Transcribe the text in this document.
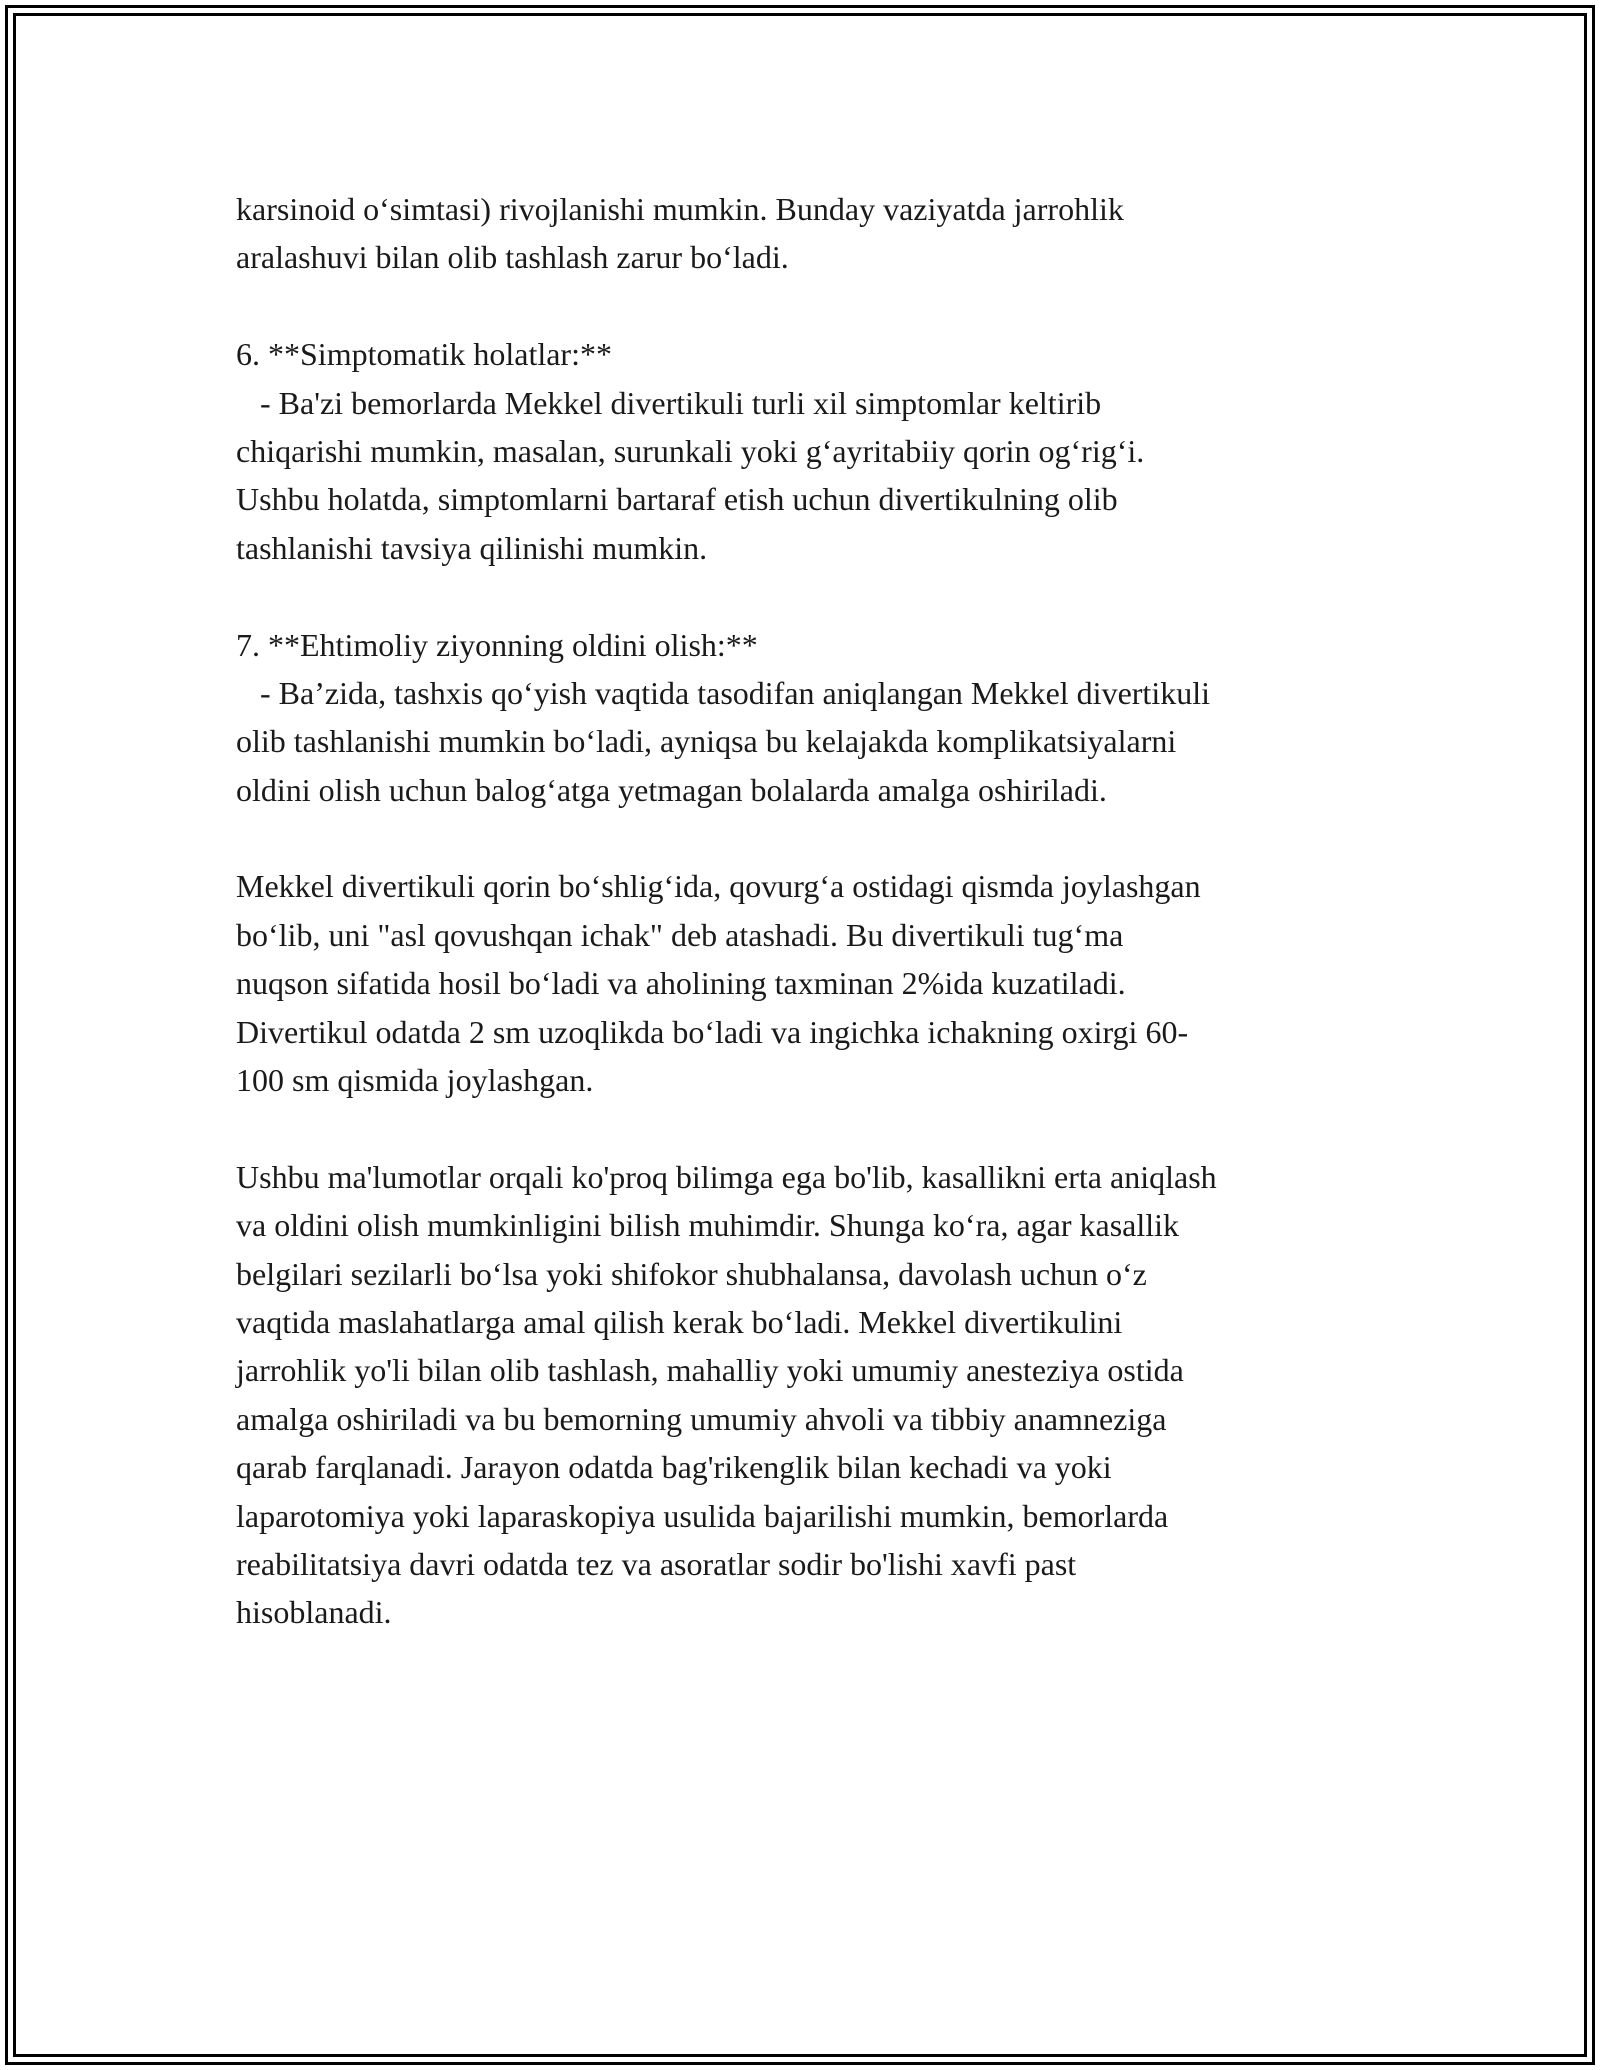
karsinoid o‘simtasi) rivojlanishi mumkin. Bunday vaziyatda jarrohlik
aralashuvi bilan olib tashlash zarur bo‘ladi.
6. **Simptomatik holatlar:**
- Ba'zi bemorlarda Mekkel divertikuli turli xil simptomlar keltirib
chiqarishi mumkin, masalan, surunkali yoki g‘ayritabiiy qorin og‘rig‘i.
Ushbu holatda, simptomlarni bartaraf etish uchun divertikulning olib
tashlanishi tavsiya qilinishi mumkin.
7. **Ehtimoliy ziyonning oldini olish:**
- Ba’zida, tashxis qo‘yish vaqtida tasodifan aniqlangan Mekkel divertikuli
olib tashlanishi mumkin bo‘ladi, ayniqsa bu kelajakda komplikatsiyalarni
oldini olish uchun balog‘atga yetmagan bolalarda amalga oshiriladi.
Mekkel divertikuli qorin bo‘shlig‘ida, qovurg‘a ostidagi qismda joylashgan
bo‘lib, uni "asl qovushqan ichak" deb atashadi. Bu divertikuli tug‘ma
nuqson sifatida hosil bo‘ladi va aholining taxminan 2%ida kuzatiladi.
Divertikul odatda 2 sm uzoqlikda bo‘ladi va ingichka ichakning oxirgi 60-
100 sm qismida joylashgan.
Ushbu ma'lumotlar orqali ko'proq bilimga ega bo'lib, kasallikni erta aniqlash
va oldini olish mumkinligini bilish muhimdir. Shunga ko‘ra, agar kasallik
belgilari sezilarli bo‘lsa yoki shifokor shubhalansa, davolash uchun o‘z
vaqtida maslahatlarga amal qilish kerak bo‘ladi. Mekkel divertikulini
jarrohlik yo'li bilan olib tashlash, mahalliy yoki umumiy anesteziya ostida
amalga oshiriladi va bu bemorning umumiy ahvoli va tibbiy anamneziga
qarab farqlanadi. Jarayon odatda bag'rikenglik bilan kechadi va yoki
laparotomiya yoki laparaskopiya usulida bajarilishi mumkin, bemorlarda
reabilitatsiya davri odatda tez va asoratlar sodir bo'lishi xavfi past
hisoblanadi.
